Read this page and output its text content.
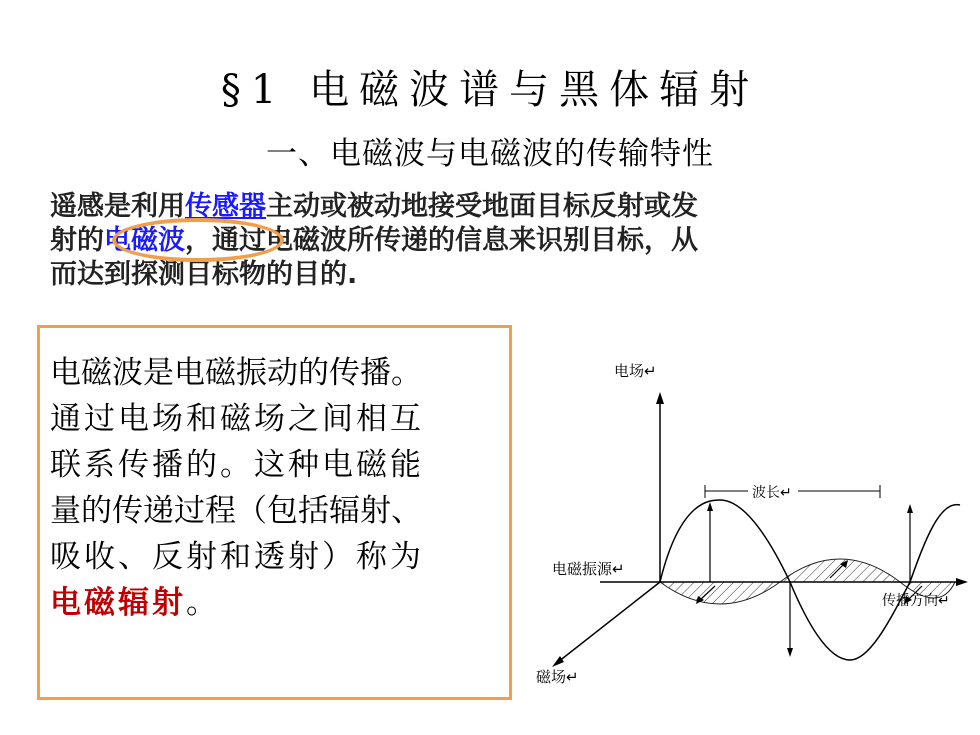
§1 电磁波谱与黑体辐射
一、电磁波与电磁波的传输特性
遥感是利用传感器主动或被动地接受地面目标反射或发
射的电磁波，通过电磁波所传递的信息来识别目标，从
而达到探测目标物的目的.
电磁波是电磁振动的传播。
通过电场和磁场之间相互
联系传播的。这种电磁能
量的传递过程（包括辐射、
吸收、反射和透射）称为
电磁辐射。
电场↵
波长↵
电磁振源↵
传播方向↵
磁场↵
